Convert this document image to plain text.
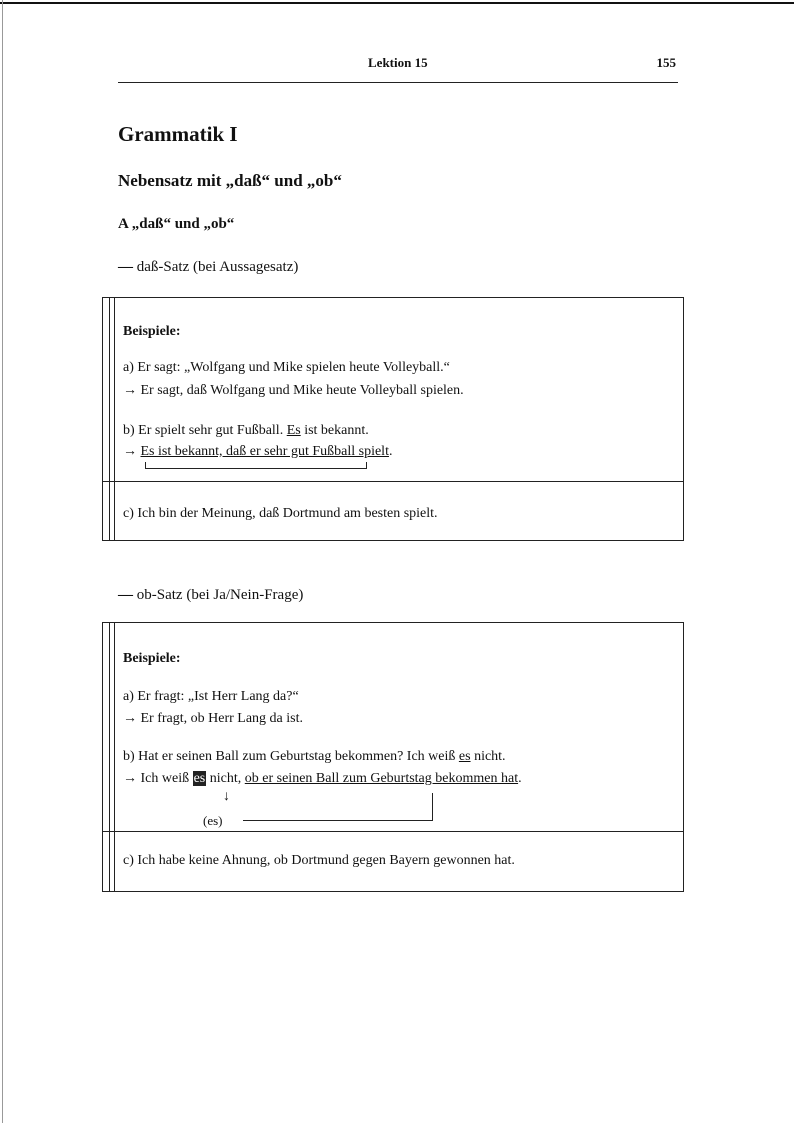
Lektion 15	155
Grammatik I
Nebensatz mit „daß“ und „ob“
A „daß“ und „ob“
— daß-Satz (bei Aussagesatz)
Beispiele:
a) Er sagt: „Wolfgang und Mike spielen heute Volleyball.“
→ Er sagt, daß Wolfgang und Mike heute Volleyball spielen.
b) Er spielt sehr gut Fußball. Es ist bekannt.
→ Es ist bekannt, daß er sehr gut Fußball spielt.
c) Ich bin der Meinung, daß Dortmund am besten spielt.
— ob-Satz (bei Ja/Nein-Frage)
Beispiele:
a) Er fragt: „Ist Herr Lang da?“
→ Er fragt, ob Herr Lang da ist.
b) Hat er seinen Ball zum Geburtstag bekommen? Ich weiß es nicht.
→ Ich weiß es nicht, ob er seinen Ball zum Geburtstag bekommen hat.
↓
(es)
c) Ich habe keine Ahnung, ob Dortmund gegen Bayern gewonnen hat.
